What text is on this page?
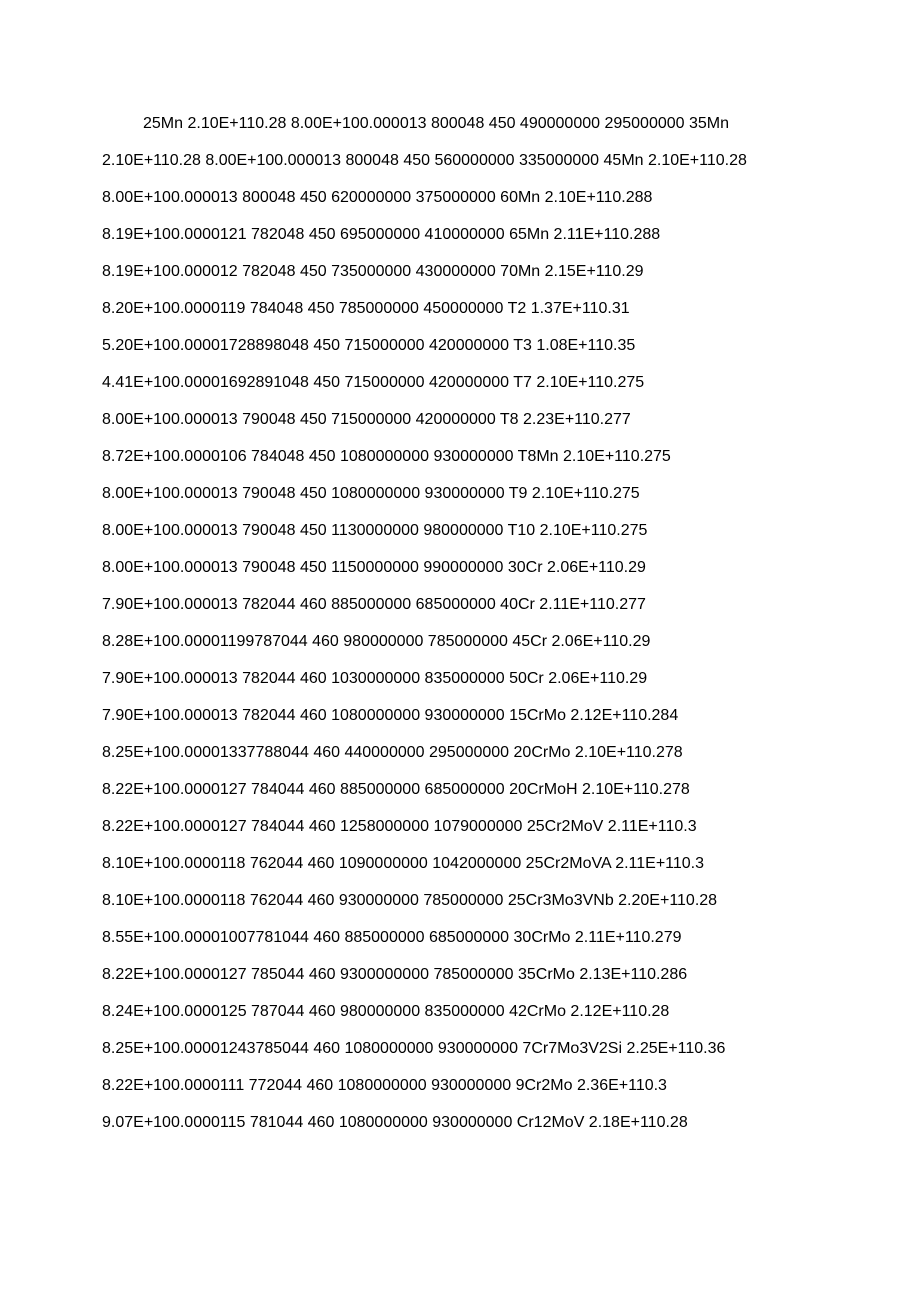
25Mn 2.10E+110.28 8.00E+100.000013 800048 450 490000000 295000000 35Mn
2.10E+110.28 8.00E+100.000013 800048 450 560000000 335000000 45Mn 2.10E+110.28
8.00E+100.000013 800048 450 620000000 375000000 60Mn 2.10E+110.288
8.19E+100.0000121 782048 450 695000000 410000000 65Mn 2.11E+110.288
8.19E+100.000012 782048 450 735000000 430000000 70Mn 2.15E+110.29
8.20E+100.0000119 784048 450 785000000 450000000 T2 1.37E+110.31
5.20E+100.00001728898048 450 715000000 420000000 T3 1.08E+110.35
4.41E+100.00001692891048 450 715000000 420000000 T7 2.10E+110.275
8.00E+100.000013 790048 450 715000000 420000000 T8 2.23E+110.277
8.72E+100.0000106 784048 450 1080000000 930000000 T8Mn 2.10E+110.275
8.00E+100.000013 790048 450 1080000000 930000000 T9 2.10E+110.275
8.00E+100.000013 790048 450 1130000000 980000000 T10 2.10E+110.275
8.00E+100.000013 790048 450 1150000000 990000000 30Cr 2.06E+110.29
7.90E+100.000013 782044 460 885000000 685000000 40Cr 2.11E+110.277
8.28E+100.00001199787044 460 980000000 785000000 45Cr 2.06E+110.29
7.90E+100.000013 782044 460 1030000000 835000000 50Cr 2.06E+110.29
7.90E+100.000013 782044 460 1080000000 930000000 15CrMo 2.12E+110.284
8.25E+100.00001337788044 460 440000000 295000000 20CrMo 2.10E+110.278
8.22E+100.0000127 784044 460 885000000 685000000 20CrMoH 2.10E+110.278
8.22E+100.0000127 784044 460 1258000000 1079000000 25Cr2MoV 2.11E+110.3
8.10E+100.0000118 762044 460 1090000000 1042000000 25Cr2MoVA 2.11E+110.3
8.10E+100.0000118 762044 460 930000000 785000000 25Cr3Mo3VNb 2.20E+110.28
8.55E+100.00001007781044 460 885000000 685000000 30CrMo 2.11E+110.279
8.22E+100.0000127 785044 460 9300000000 785000000 35CrMo 2.13E+110.286
8.24E+100.0000125 787044 460 980000000 835000000 42CrMo 2.12E+110.28
8.25E+100.00001243785044 460 1080000000 930000000 7Cr7Mo3V2Si 2.25E+110.36
8.22E+100.0000111 772044 460 1080000000 930000000 9Cr2Mo 2.36E+110.3
9.07E+100.0000115 781044 460 1080000000 930000000 Cr12MoV 2.18E+110.28
